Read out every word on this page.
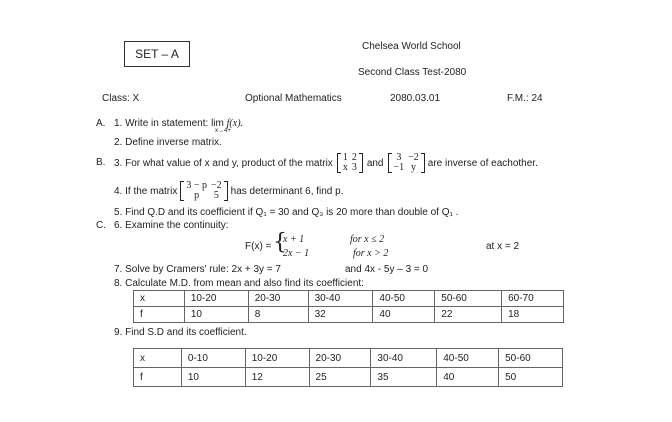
SET – A
Chelsea World School
Second Class Test-2080
Class: X	Optional Mathematics	2080.03.01	F.M.: 24
A. 1. Write in statement: lim f(x).
x→4+
2. Define inverse matrix.
B. 3. For what value of x and y, product of the matrix 1	2
x	3 and 3	−2
−1	y are inverse of eachother.
4. If the matrix 3 − p	−2
p	5 has determinant 6, find p.
5. Find Q.D and its coefficient if Q₁ = 30 and Q₃ is 20 more than double of Q₁ .
C. 6. Examine the continuity:
F(x) = {
x + 1
2x − 1
for x ≤ 2
for x > 2
at x = 2
7. Solve by Cramers' rule: 2x + 3y = 7	and 4x - 5y – 3 = 0
8. Calculate M.D. from mean and also find its coefficient:
x	10-20	20-30	30-40	40-50	50-60	60-70
f	10	8	32	40	22	18
9. Find S.D and its coefficient.
x	0-10	10-20	20-30	30-40	40-50	50-60
f	10	12	25	35	40	50
